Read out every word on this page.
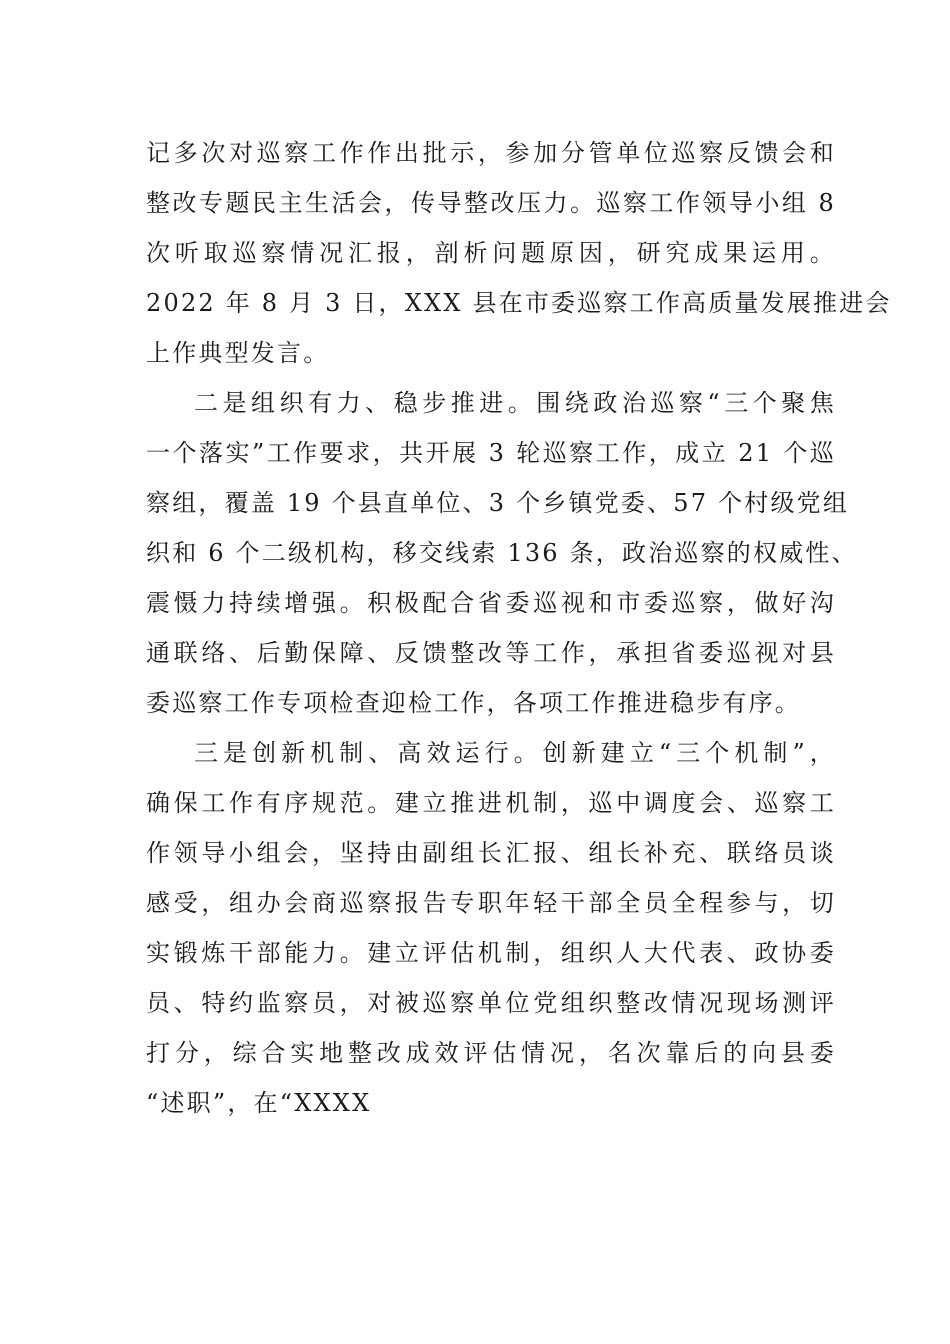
记多次对巡察工作作出批示，参加分管单位巡察反馈会和
整改专题民主生活会，传导整改压力。巡察工作领导小组 8
次听取巡察情况汇报，剖析问题原因，研究成果运用。
2022 年 8 月 3 日，XXX 县在市委巡察工作高质量发展推进会
上作典型发言。
二是组织有力、稳步推进。围绕政治巡察“三个聚焦
一个落实”工作要求，共开展 3 轮巡察工作，成立 21 个巡
察组，覆盖 19 个县直单位、3 个乡镇党委、57 个村级党组
织和 6 个二级机构，移交线索 136 条，政治巡察的权威性、
震慑力持续增强。积极配合省委巡视和市委巡察，做好沟
通联络、后勤保障、反馈整改等工作，承担省委巡视对县
委巡察工作专项检查迎检工作，各项工作推进稳步有序。
三是创新机制、高效运行。创新建立“三个机制”，
确保工作有序规范。建立推进机制，巡中调度会、巡察工
作领导小组会，坚持由副组长汇报、组长补充、联络员谈
感受，组办会商巡察报告专职年轻干部全员全程参与，切
实锻炼干部能力。建立评估机制，组织人大代表、政协委
员、特约监察员，对被巡察单位党组织整改情况现场测评
打分，综合实地整改成效评估情况，名次靠后的向县委
“述职”，在“XXXX
